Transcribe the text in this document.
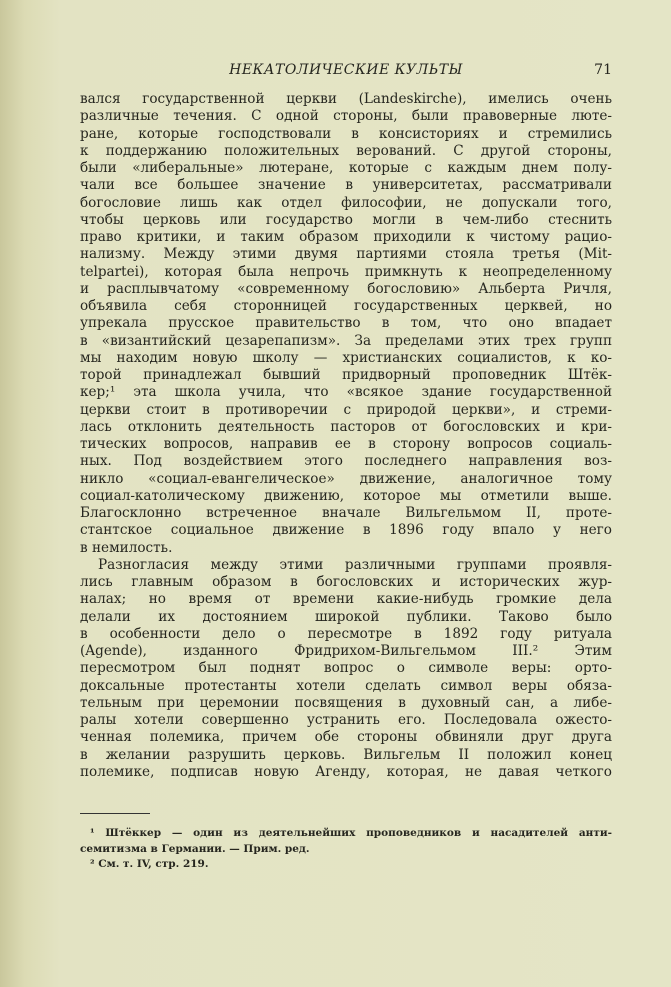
НЕКАТОЛИЧЕСКИЕ КУЛЬТЫ	71
вался государственной церкви (Landeskirche), имелись очень
различные течения. С одной стороны, были правоверные люте-
ране, которые господствовали в консисториях и стремились
к поддержанию положительных верований. С другой стороны,
были «либеральные» лютеране, которые с каждым днем полу-
чали все большее значение в университетах, рассматривали
богословие лишь как отдел философии, не допускали того,
чтобы церковь или государство могли в чем-либо стеснить
право критики, и таким образом приходили к чистому рацио-
нализму. Между этими двумя партиями стояла третья (Mit-
telpartei), которая была непрочь примкнуть к неопределенному
и расплывчатому «современному богословию» Альберта Ричля,
объявила себя сторонницей государственных церквей, но
упрекала прусское правительство в том, что оно впадает
в «византийский цезарепапизм». За пределами этих трех групп
мы находим новую школу — христианских социалистов, к ко-
торой принадлежал бывший придворный проповедник Штёк-
кер;¹ эта школа учила, что «всякое здание государственной
церкви стоит в противоречии с природой церкви», и стреми-
лась отклонить деятельность пасторов от богословских и кри-
тических вопросов, направив ее в сторону вопросов социаль-
ных. Под воздействием этого последнего направления воз-
никло «социал-евангелическое» движение, аналогичное тому
социал-католическому движению, которое мы отметили выше.
Благосклонно встреченное вначале Вильгельмом II, проте-
стантское социальное движение в 1896 году впало у него
в немилость.
Разногласия между этими различными группами проявля-
лись главным образом в богословских и исторических жур-
налах; но время от времени какие-нибудь громкие дела
делали их достоянием широкой публики. Таково было
в особенности дело о пересмотре в 1892 году ритуала
(Agende), изданного Фридрихом-Вильгельмом III.² Этим
пересмотром был поднят вопрос о символе веры: орто-
доксальные протестанты хотели сделать символ веры обяза-
тельным при церемонии посвящения в духовный сан, а либе-
ралы хотели совершенно устранить его. Последовала ожесто-
ченная полемика, причем обе стороны обвиняли друг друга
в желании разрушить церковь. Вильгельм II положил конец
полемике, подписав новую Агенду, которая, не давая четкого
¹ Штёккер — один из деятельнейших проповедников и насадителей анти-
семитизма в Германии. — Прим. ред.
² См. т. IV, стр. 219.
